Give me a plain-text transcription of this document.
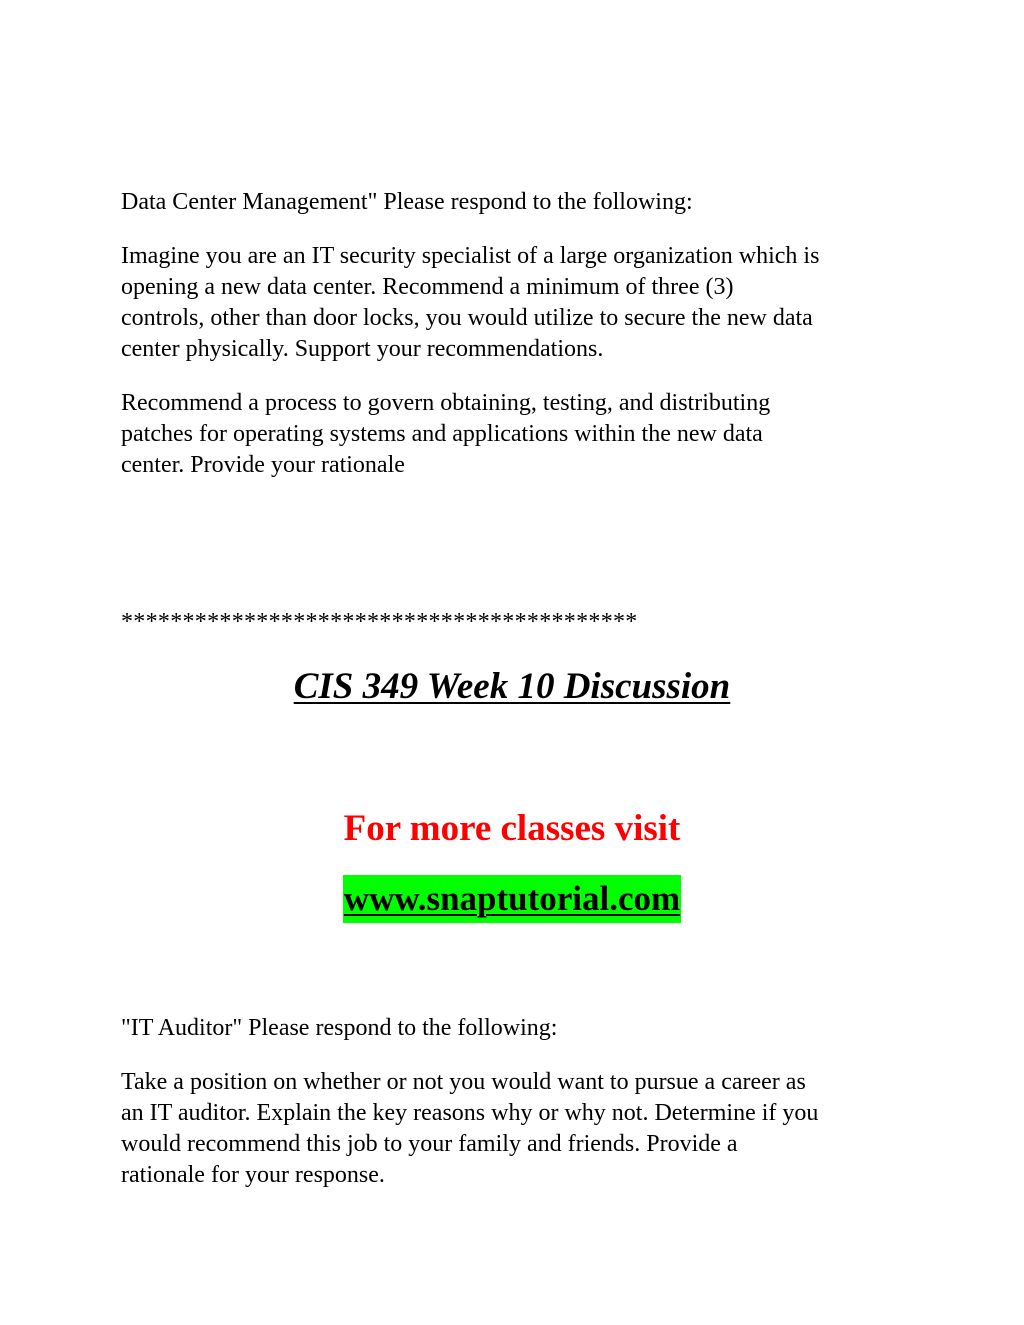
Data Center Management" Please respond to the following:

Imagine you are an IT security specialist of a large organization which is
opening a new data center. Recommend a minimum of three (3)
controls, other than door locks, you would utilize to secure the new data
center physically. Support your recommendations.

Recommend a process to govern obtaining, testing, and distributing
patches for operating systems and applications within the new data
center. Provide your rationale

******************************************
CIS 349 Week 10 Discussion
For more classes visit
www.snaptutorial.com

"IT Auditor" Please respond to the following:

Take a position on whether or not you would want to pursue a career as
an IT auditor. Explain the key reasons why or why not. Determine if you
would recommend this job to your family and friends. Provide a
rationale for your response.
